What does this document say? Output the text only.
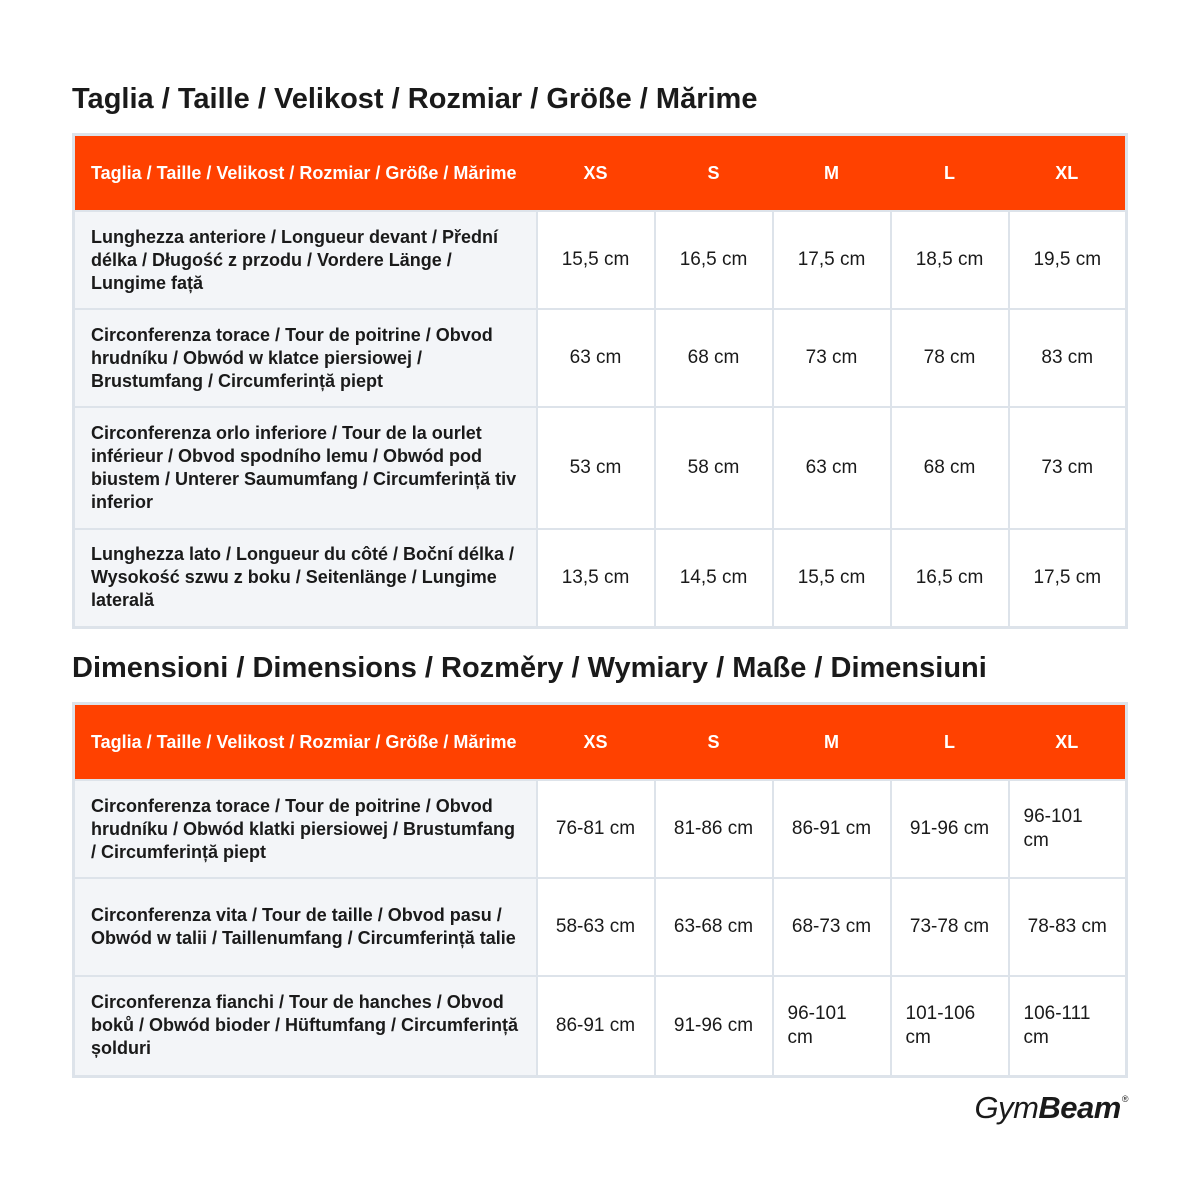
Taglia / Taille / Velikost / Rozmiar / Größe / Mărime
Taglia / Taille / Velikost / Rozmiar / Größe / Mărime	XS	S	M	L	XL
Lunghezza anteriore / Longueur devant / Přední délka / Długość z przodu / Vordere Länge / Lungime față	15,5 cm	16,5 cm	17,5 cm	18,5 cm	19,5 cm
Circonferenza torace / Tour de poitrine / Obvod hrudníku / Obwód w klatce piersiowej / Brustumfang / Circumferință piept	63 cm	68 cm	73 cm	78 cm	83 cm
Circonferenza orlo inferiore / Tour de la ourlet inférieur / Obvod spodního lemu / Obwód pod biustem / Unterer Saumumfang / Circumferință tiv inferior	53 cm	58 cm	63 cm	68 cm	73 cm
Lunghezza lato / Longueur du côté / Boční délka / Wysokość szwu z boku / Seitenlänge / Lungime laterală	13,5 cm	14,5 cm	15,5 cm	16,5 cm	17,5 cm
Dimensioni / Dimensions / Rozměry / Wymiary / Maße / Dimensiuni
Taglia / Taille / Velikost / Rozmiar / Größe / Mărime	XS	S	M	L	XL
Circonferenza torace / Tour de poitrine / Obvod hrudníku / Obwód klatki piersiowej / Brustumfang / Circumferință piept	76-81 cm	81-86 cm	86-91 cm	91-96 cm	96-101 cm
Circonferenza vita / Tour de taille / Obvod pasu / Obwód w talii / Taillenumfang / Circumferință talie	58-63 cm	63-68 cm	68-73 cm	73-78 cm	78-83 cm
Circonferenza fianchi / Tour de hanches / Obvod boků / Obwód bioder / Hüftumfang / Circumferință șolduri	86-91 cm	91-96 cm	96-101 cm	101-106 cm	106-111 cm
GymBeam®
